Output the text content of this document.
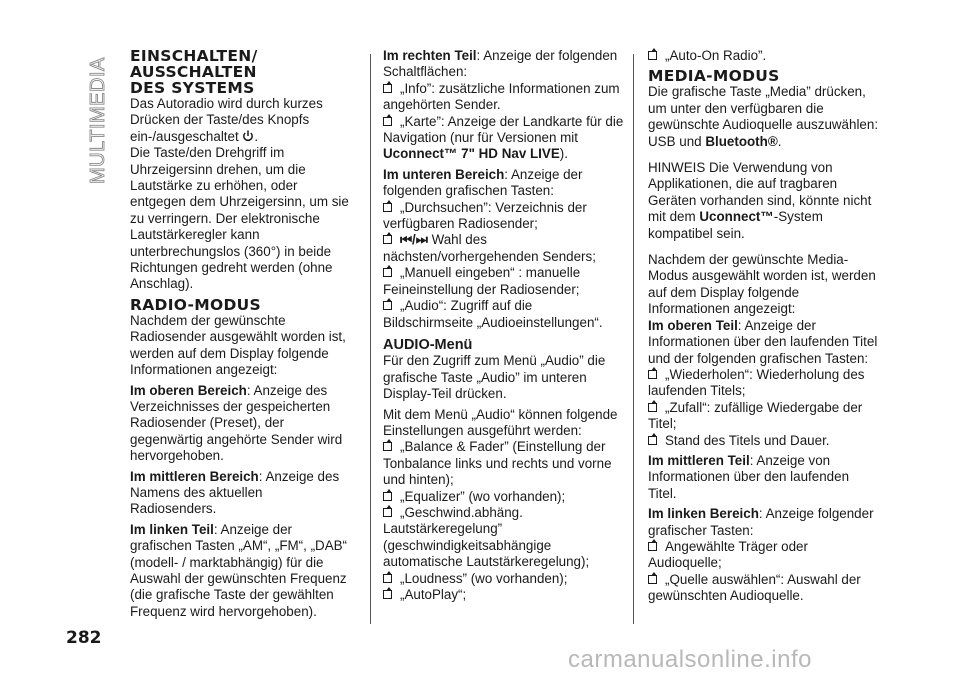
MULTIMEDIA
EINSCHALTEN/
AUSSCHALTEN
DES SYSTEMS

Das Autoradio wird durch kurzes Drücken der Taste/des Knopfs ein-/ausgeschaltet .

Die Taste/den Drehgriff im Uhrzeigersinn drehen, um die Lautstärke zu erhöhen, oder entgegen dem Uhrzeigersinn, um sie zu verringern. Der elektronische Lautstärkeregler kann unterbrechungslos (360°) in beide Richtungen gedreht werden (ohne Anschlag).

RADIO-MODUS

Nachdem der gewünschte Radiosender ausgewählt worden ist, werden auf dem Display folgende Informationen angezeigt:

Im oberen Bereich: Anzeige des Verzeichnisses der gespeicherten Radiosender (Preset), der gegenwärtig angehörte Sender wird hervorgehoben.

Im mittleren Bereich: Anzeige des Namens des aktuellen Radiosenders.

Im linken Teil: Anzeige der grafischen Tasten „AM“, „FM“, „DAB“ (modell- / marktabhängig) für die Auswahl der gewünschten Frequenz (die grafische Taste der gewählten Frequenz wird hervorgehoben).

Im rechten Teil: Anzeige der folgenden Schaltflächen:

„Info”: zusätzliche Informationen zum angehörten Sender.

„Karte”: Anzeige der Landkarte für die Navigation (nur für Versionen mit Uconnect™ 7" HD Nav LIVE).

Im unteren Bereich: Anzeige der folgenden grafischen Tasten:

„Durchsuchen”: Verzeichnis der verfügbaren Radiosender;

⏮/⏭ Wahl des nächsten/vorhergehenden Senders;

„Manuell eingeben“ : manuelle Feineinstellung der Radiosender;

„Audio“: Zugriff auf die Bildschirmseite „Audioeinstellungen“.

AUDIO-Menü

Für den Zugriff zum Menü „Audio” die grafische Taste „Audio” im unteren Display-Teil drücken.

Mit dem Menü „Audio“ können folgende Einstellungen ausgeführt werden:

„Balance & Fader” (Einstellung der Tonbalance links und rechts und vorne und hinten);

„Equalizer” (wo vorhanden);

„Geschwind.abhäng. Lautstärkeregelung” (geschwindigkeitsabhängige automatische Lautstärkeregelung);

„Loudness” (wo vorhanden);

„AutoPlay“;

„Auto-On Radio”.

MEDIA-MODUS

Die grafische Taste „Media” drücken, um unter den verfügbaren die gewünschte Audioquelle auszuwählen: USB und Bluetooth®.

HINWEIS Die Verwendung von Applikationen, die auf tragbaren Geräten vorhanden sind, könnte nicht mit dem Uconnect™-System kompatibel sein.

Nachdem der gewünschte Media-Modus ausgewählt worden ist, werden auf dem Display folgende Informationen angezeigt:

Im oberen Teil: Anzeige der Informationen über den laufenden Titel und der folgenden grafischen Tasten:

„Wiederholen“: Wiederholung des laufenden Titels;

„Zufall“: zufällige Wiedergabe der Titel;

Stand des Titels und Dauer.

Im mittleren Teil: Anzeige von Informationen über den laufenden Titel.

Im linken Bereich: Anzeige folgender grafischer Tasten:

Angewählte Träger oder Audioquelle;

„Quelle auswählen“: Auswahl der gewünschten Audioquelle.

282
carmanualsonline.info
